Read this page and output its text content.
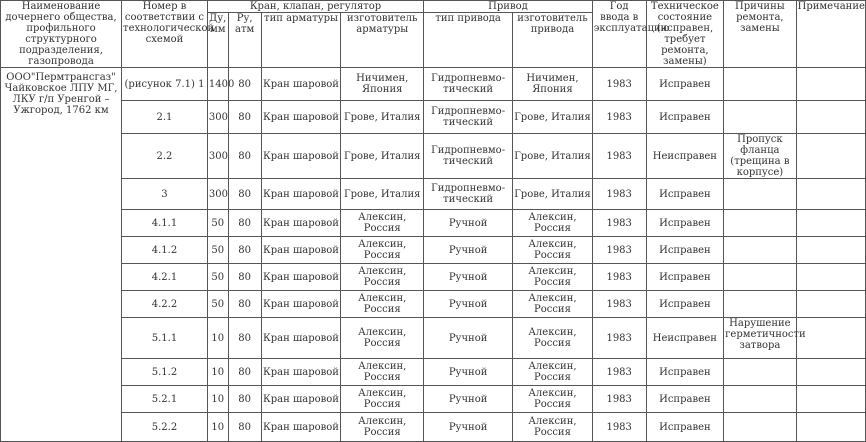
Наименование дочернего общества, профильного структурного подразделения, газопровода	Номер в соответствии с технологической схемой	Кран, клапан, регулятор				Привод		Год ввода в эксплуатацию	Техническое состояние (исправен, требует ремонта, замены)	Причины ремонта, замены	Примечание
		Ду, мм	Ру, атм	тип арматуры	изготовитель арматуры	тип привода	изготовитель привода				
ООО"Пермтрансгаз" Чайковское ЛПУ МГ, ЛКУ г/п Уренгой – Ужгород, 1762 км	(рисунок 7.1) 1	1400	80	Кран шаровой	Ничимен, Япония	Гидропневмо-тический	Ничимен, Япония	1983	Исправен		
	2.1	300	80	Кран шаровой	Грове, Италия	Гидропневмо-тический	Грове, Италия	1983	Исправен		
	2.2	300	80	Кран шаровой	Грове, Италия	Гидропневмо-тический	Грове, Италия	1983	Неисправен	Пропуск фланца (трещина в корпусе)	
	3	300	80	Кран шаровой	Грове, Италия	Гидропневмо-тический	Грове, Италия	1983	Исправен		
	4.1.1	50	80	Кран шаровой	Алексин, Россия	Ручной	Алексин, Россия	1983	Исправен		
	4.1.2	50	80	Кран шаровой	Алексин, Россия	Ручной	Алексин, Россия	1983	Исправен		
	4.2.1	50	80	Кран шаровой	Алексин, Россия	Ручной	Алексин, Россия	1983	Исправен		
	4.2.2	50	80	Кран шаровой	Алексин, Россия	Ручной	Алексин, Россия	1983	Исправен		
	5.1.1	10	80	Кран шаровой	Алексин, Россия	Ручной	Алексин, Россия	1983	Неисправен	Нарушение герметичности затвора	
	5.1.2	10	80	Кран шаровой	Алексин, Россия	Ручной	Алексин, Россия	1983	Исправен		
	5.2.1	10	80	Кран шаровой	Алексин, Россия	Ручной	Алексин, Россия	1983	Исправен		
	5.2.2	10	80	Кран шаровой	Алексин, Россия	Ручной	Алексин, Россия	1983	Исправен		
